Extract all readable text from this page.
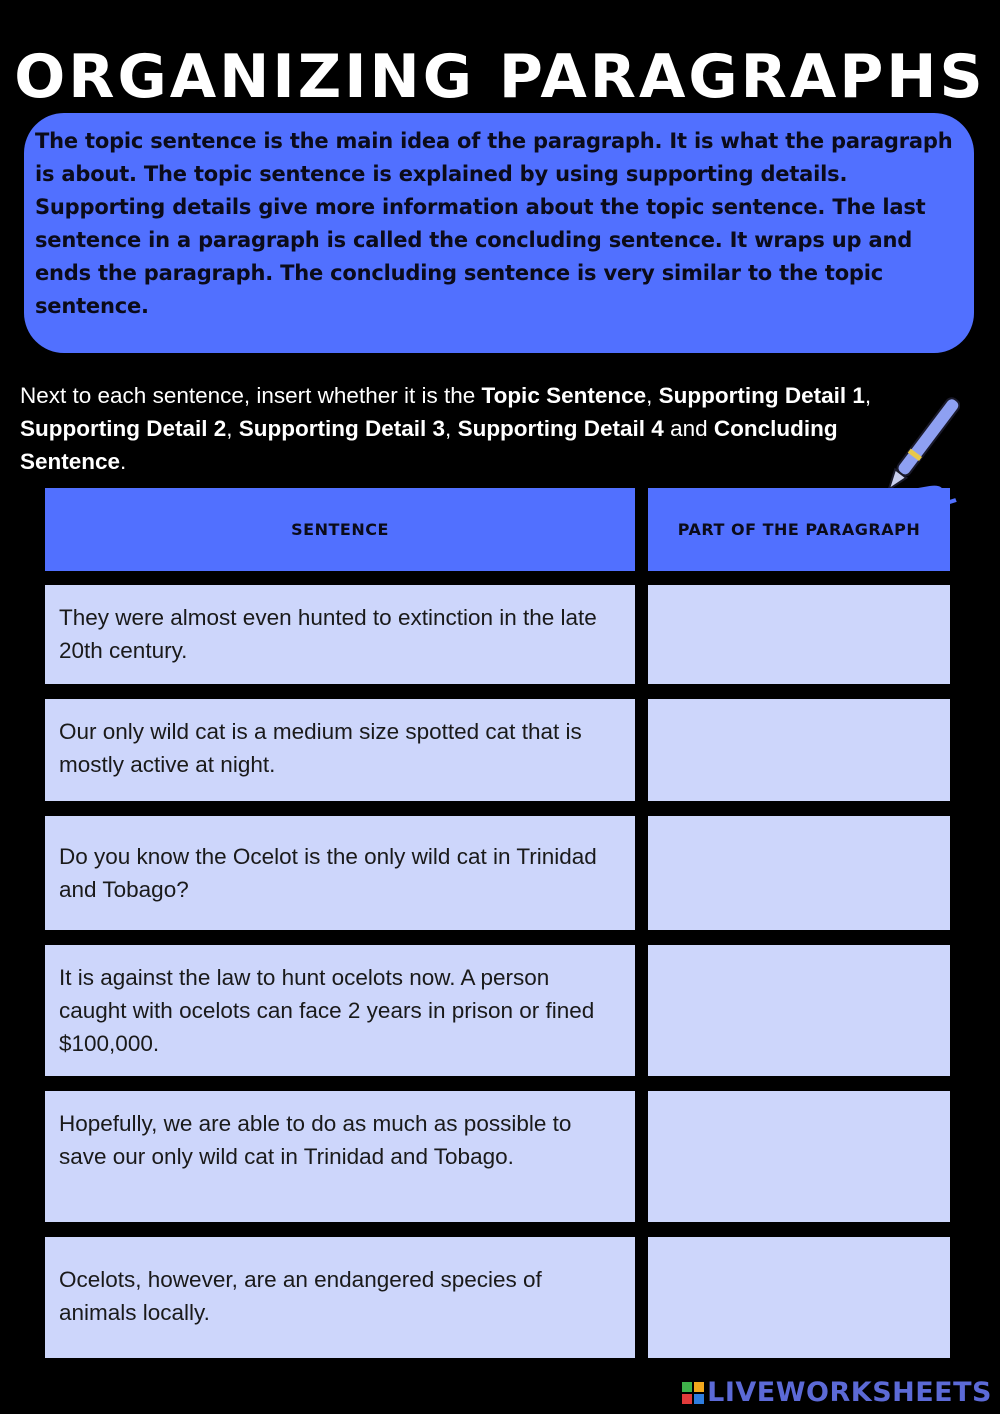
ORGANIZING PARAGRAPHS

The topic sentence is the main idea of the paragraph. It is what the paragraph is about. The topic sentence is explained by using supporting details. Supporting details give more information about the topic sentence. The last sentence in a paragraph is called the concluding sentence. It wraps up and ends the paragraph. The concluding sentence is very similar to the topic sentence.

Next to each sentence, insert whether it is the Topic Sentence, Supporting Detail 1, Supporting Detail 2, Supporting Detail 3, Supporting Detail 4 and Concluding Sentence.

SENTENCE	PART OF THE PARAGRAPH
They were almost even hunted to extinction in the late 20th century.
Our only wild cat is a medium size spotted cat that is mostly active at night.
Do you know the Ocelot is the only wild cat in Trinidad and Tobago?
It is against the law to hunt ocelots now. A person caught with ocelots can face 2 years in prison or fined $100,000.
Hopefully, we are able to do as much as possible to save our only wild cat in Trinidad and Tobago.
Ocelots, however, are an endangered species of animals locally.
LIVEWORKSHEETS
